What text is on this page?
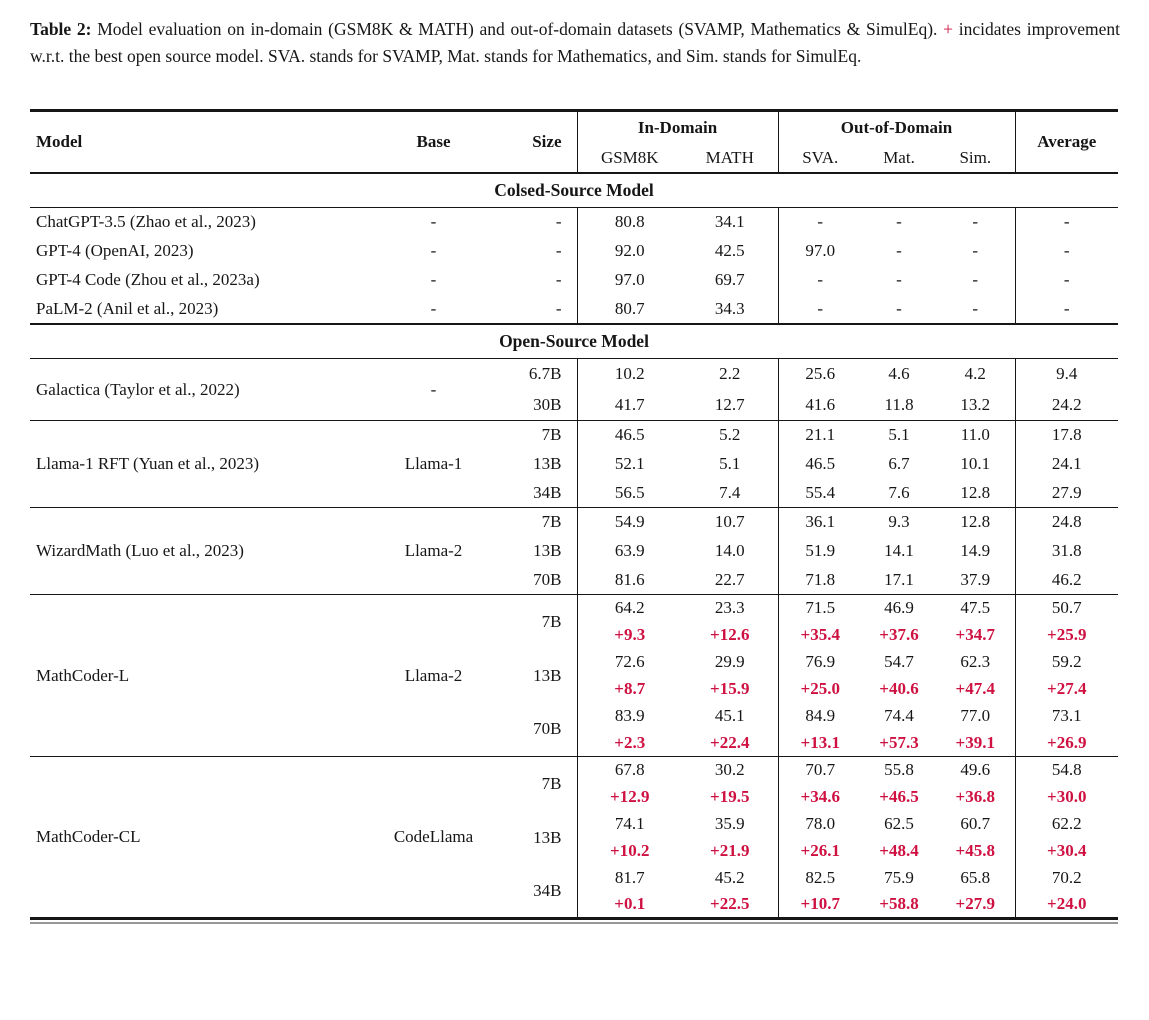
Table 2: Model evaluation on in-domain (GSM8K & MATH) and out-of-domain datasets (SVAMP, Mathematics & SimulEq). + incidates improvement w.r.t. the best open source model. SVA. stands for SVAMP, Mat. stands for Mathematics, and Sim. stands for SimulEq.
Model	Base	Size	In-Domain		Out-of-Domain			Average
			GSM8K	MATH	SVA.	Mat.	Sim.	
Colsed-Source Model								
ChatGPT-3.5 (Zhao et al., 2023)	-	-	80.8	34.1	-	-	-	-
GPT-4 (OpenAI, 2023)	-	-	92.0	42.5	97.0	-	-	-
GPT-4 Code (Zhou et al., 2023a)	-	-	97.0	69.7	-	-	-	-
PaLM-2 (Anil et al., 2023)	-	-	80.7	34.3	-	-	-	-
Open-Source Model								
Galactica (Taylor et al., 2022)	-	6.7B	10.2	2.2	25.6	4.6	4.2	9.4
		30B	41.7	12.7	41.6	11.8	13.2	24.2
Llama-1 RFT (Yuan et al., 2023)	Llama-1	7B	46.5	5.2	21.1	5.1	11.0	17.8
		13B	52.1	5.1	46.5	6.7	10.1	24.1
		34B	56.5	7.4	55.4	7.6	12.8	27.9
WizardMath (Luo et al., 2023)	Llama-2	7B	54.9	10.7	36.1	9.3	12.8	24.8
		13B	63.9	14.0	51.9	14.1	14.9	31.8
		70B	81.6	22.7	71.8	17.1	37.9	46.2
MathCoder-L	Llama-2	7B	64.2	23.3	71.5	46.9	47.5	50.7
			+9.3	+12.6	+35.4	+37.6	+34.7	+25.9
		13B	72.6	29.9	76.9	54.7	62.3	59.2
			+8.7	+15.9	+25.0	+40.6	+47.4	+27.4
		70B	83.9	45.1	84.9	74.4	77.0	73.1
			+2.3	+22.4	+13.1	+57.3	+39.1	+26.9
MathCoder-CL	CodeLlama	7B	67.8	30.2	70.7	55.8	49.6	54.8
			+12.9	+19.5	+34.6	+46.5	+36.8	+30.0
		13B	74.1	35.9	78.0	62.5	60.7	62.2
			+10.2	+21.9	+26.1	+48.4	+45.8	+30.4
		34B	81.7	45.2	82.5	75.9	65.8	70.2
			+0.1	+22.5	+10.7	+58.8	+27.9	+24.0
